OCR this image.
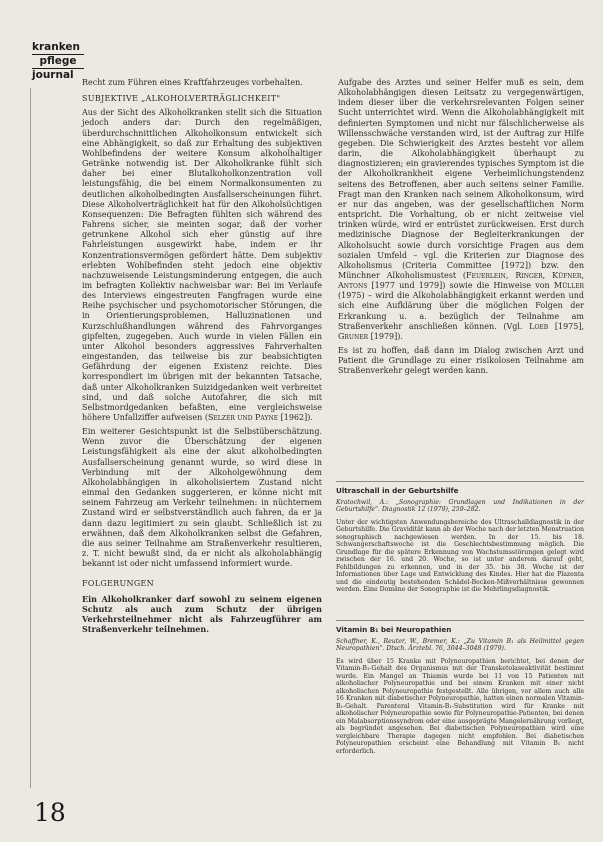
kranken
pflege
journal

Recht zum Führen eines Kraftfahrzeuges vorbehalten.

SUBJEKTIVE „ALKOHOLVERTRÄGLICHKEIT"

Aus der Sicht des Alkoholkranken stellt sich die Situation jedoch anders dar: Durch den regelmäßigen, überdurchschnittlichen Alkoholkonsum entwickelt sich eine Abhängigkeit, so daß zur Erhaltung des subjektiven Wohlbefindens der weitere Konsum alkoholhaltiger Getränke notwendig ist. Der Alkoholkranke fühlt sich daher bei einer Blutalkoholkonzentration voll leistungsfähig, die bei einem Normalkonsumenten zu deutlichen alkoholbedingten Ausfallserscheinungen führt. Diese Alkoholverträglichkeit hat für den Alkoholsüchtigen Konsequenzen: Die Befragten fühlten sich während des Fahrens sicher, sie meinten sogar, daß der vorher getrunkene Alkohol sich eher günstig auf ihre Fahrleistungen ausgewirkt habe, indem er ihr Konzentrationsvermögen gefördert hätte. Dem subjektiv erlebten Wohlbefinden steht jedoch eine objektiv nachzuweisende Leistungsminderung entgegen, die auch im befragten Kollektiv nachweisbar war: Bei im Verlaufe des Interviews eingestreuten Fangfragen wurde eine Reihe psychischer und psychomotorischer Störungen, die in Orientierungsproblemen, Halluzinationen und Kurzschlußhandlungen während des Fahrvorganges gipfelten, zugegeben. Auch wurde in vielen Fällen ein unter Alkohol besonders aggressives Fahrverhalten eingestanden, das teilweise bis zur beabsichtigten Gefährdung der eigenen Existenz reichte. Dies korrespondiert im übrigen mit der bekannten Tatsache, daß unter Alkoholkranken Suizidgedanken weit verbreitet sind, und daß solche Autofahrer, die sich mit Selbstmordgedanken befaßten, eine vergleichsweise höhere Unfallziffer aufweisen (Selzer und Payne [1962]).

Ein weiterer Gesichtspunkt ist die Selbstüberschätzung. Wenn zuvor die Überschätzung der eigenen Leistungsfähigkeit als eine der akut alkoholbedingten Ausfallserscheinung genannt wurde, so wird diese in Verbindung mit der Alkoholgewöhnung dem Alkoholabhängigen in alkoholisiertem Zustand nicht einmal den Gedanken suggerieren, er könne nicht mit seinem Fahrzeug am Verkehr teilnehmen: in nüchternem Zustand wird er selbstverständlich auch fahren, da er ja dann dazu legitimiert zu sein glaubt. Schließlich ist zu erwähnen, daß dem Alkoholkranken selbst die Gefahren, die aus seiner Teilnahme am Straßenverkehr resultieren, z. T. nicht bewußt sind, da er nicht als alkoholabhängig bekannt ist oder nicht umfassend informiert wurde.

FOLGERUNGEN

Ein Alkoholkranker darf sowohl zu seinem eigenen Schutz als auch zum Schutz der übrigen Verkehrsteilnehmer nicht als Fahrzeugführer am Straßenverkehr teilnehmen.

Aufgabe des Arztes und seiner Helfer muß es sein, dem Alkoholabhängigen diesen Leitsatz zu vergegenwärtigen, indem dieser über die verkehrsrelevanten Folgen seiner Sucht unterrichtet wird. Wenn die Alkoholabhängigkeit mit definierten Symptomen und nicht nur fälschlicherweise als Willensschwäche verstanden wird, ist der Auftrag zur Hilfe gegeben. Die Schwierigkeit des Arztes besteht vor allem darin, die Alkoholabhängigkeit überhaupt zu diagnostizieren; ein gravierendes typisches Symptom ist die der Alkoholkrankheit eigene Verheimlichungstendenz seitens des Betroffenen, aber auch seitens seiner Familie. Fragt man den Kranken nach seinem Alkoholkonsum, wird er nur das angeben, was der gesellschaftlichen Norm entspricht. Die Vorhaltung, ob er nicht zeitweise viel trinken würde, wird er entrüstet zurückweisen. Erst durch medizinische Diagnose der Begleiterkrankungen der Alkoholsucht sowie durch vorsichtige Fragen aus dem sozialen Umfeld – vgl. die Kriterien zur Diagnose des Alkoholismus (Criteria Committee [1972]) bzw. den Münchner Alkoholismustest (Feuerlein, Ringer, Küfner, Antons [1977 und 1979]) sowie die Hinweise von Müller (1975) – wird die Alkoholabhängigkeit erkannt werden und sich eine Aufklärung über die möglichen Folgen der Erkrankung u. a. bezüglich der Teilnahme am Straßenverkehr anschließen können. (Vgl. Loeb [1975], Gruner [1979]).

Es ist zu hoffen, daß dann im Dialog zwischen Arzt und Patient die Grundlage zu einer risikolosen Teilnahme am Straßenverkehr gelegt werden kann.

Ultraschall in der Geburtshilfe

Kratochwil, A.: „Sonographie: Grundlagen und Indikationen in der Geburtshilfe". Diagnostik 12 (1979), 259–282.

Unter der wichtigsten Anwendungsbereiche des Ultraschalldiagnostik in der Geburtshilfe. Die Gravidität kann ab der Woche nach der letzten Menstruation sonographisch nachgewiesen werden. In der 15. bis 18. Schwangerschaftswoche ist die Geschlechtsbestimmung möglich. Die Grundlage für die spätere Erkennung von Wachstumsstörungen gelegt wird zwischen der 16. und 20. Woche, so ist unter anderem darauf geht, Fehlbildungen zu erkennen, und in der 35. bis 38. Woche ist der Informationen über Lage und Entwicklung des Kindes. Hier hat die Plazenta und die eindeutig bestehenden Schädel-Becken-Mißverhältnisse gewonnen werden. Eine Domäne der Sonographie ist die Mehrlingsdiagnostik.

Vitamin B₁ bei Neuropathien

Schaffner, K., Reuter, W., Bremer, K.: „Zu Vitamin B₁ als Heilmittel gegen Neuropathien". Dtsch. Ärztebl. 76, 3044–3048 (1979).

Es wird über 15 Kranke mit Polyneuropathien berichtet, bei denen der Vitamin-B₁-Gehalt des Organismus mit der Transketolaseaktivität bestimmt wurde. Ein Mangel an Thiamin wurde bei 11 von 15 Patienten mit alkoholischer Polyneuropathie und bei einem Kranken mit einer nicht alkoholischen Polyneuropathie festgestellt. Alle übrigen, vor allem auch alle 16 Kranken mit diabetischer Polyneuropathie, hatten einen normalen Vitamin-B₁-Gehalt. Parenteral Vitamin-B₁-Substitution wird für Kranke mit alkoholischer Polyneuropathie sowie für Polyneuropathie-Patienten, bei denen ein Malabsorptionssyndrom oder eine ausgeprägte Mangelernährung vorliegt, als begründet angesehen. Bei diabetischen Polyneuropathien wird eine vergleichbare Therapie dagegen nicht empfohlen. Bei diabetischen Polyneuropathien erscheint eine Behandlung mit Vitamin B₁ nicht erforderlich.

18
